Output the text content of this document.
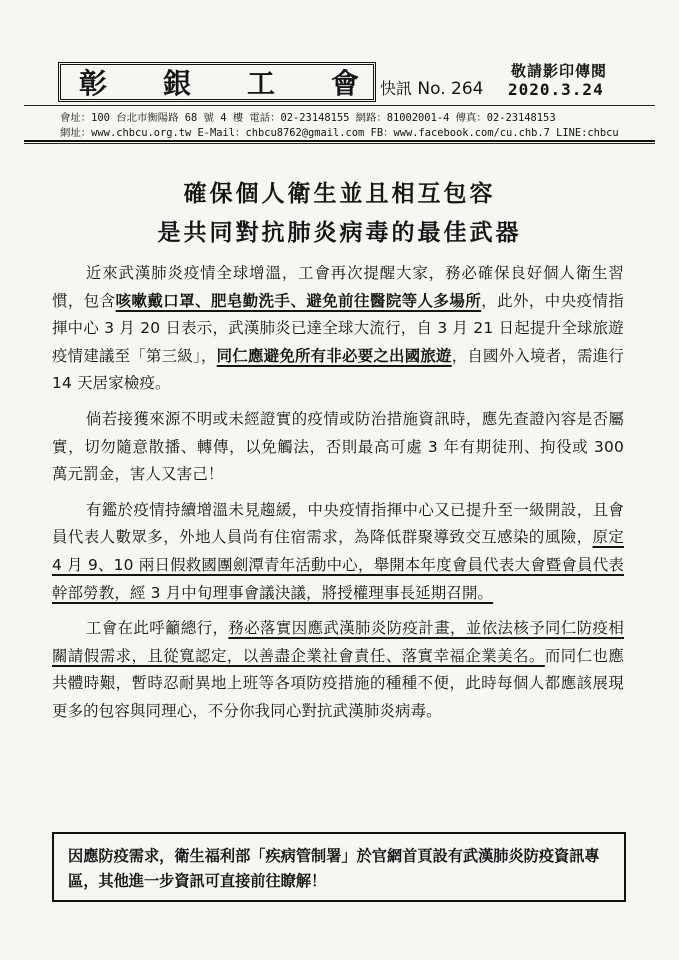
彰 銀 工 會 快訊 No. 264
敬請影印傳閱
2020.3.24
會址：100 台北市衡陽路 68 號 4 樓 電話：02-23148155 網路：81002001-4 傳真：02-23148153
網址：www.chbcu.org.tw E-Mail：chbcu8762@gmail.com FB：www.facebook.com/cu.chb.7 LINE:chbcu
確保個人衛生並且相互包容
是共同對抗肺炎病毒的最佳武器

近來武漢肺炎疫情全球增溫，工會再次提醒大家，務必確保良好個人衛生習慣，包含咳嗽戴口罩、肥皂勤洗手、避免前往醫院等人多場所，此外，中央疫情指揮中心 3 月 20 日表示，武漢肺炎已達全球大流行，自 3 月 21 日起提升全球旅遊疫情建議至「第三級」，同仁應避免所有非必要之出國旅遊，自國外入境者，需進行 14 天居家檢疫。

倘若接獲來源不明或未經證實的疫情或防治措施資訊時，應先查證內容是否屬實，切勿隨意散播、轉傳，以免觸法，否則最高可處 3 年有期徒刑、拘役或 300 萬元罰金，害人又害己！

有鑑於疫情持續增溫未見趨緩，中央疫情指揮中心又已提升至一級開設，且會員代表人數眾多，外地人員尚有住宿需求，為降低群聚導致交互感染的風險，原定 4 月 9、10 兩日假救國團劍潭青年活動中心，舉開本年度會員代表大會暨會員代表幹部勞教，經 3 月中旬理事會議決議，將授權理事長延期召開。

工會在此呼籲總行，務必落實因應武漢肺炎防疫計畫，並依法核予同仁防疫相關請假需求，且從寬認定，以善盡企業社會責任、落實幸福企業美名。而同仁也應共體時艱，暫時忍耐異地上班等各項防疫措施的種種不便，此時每個人都應該展現更多的包容與同理心，不分你我同心對抗武漢肺炎病毒。

因應防疫需求，衛生福利部「疾病管制署」於官網首頁設有武漢肺炎防疫資訊專區，其他進一步資訊可直接前往瞭解！
